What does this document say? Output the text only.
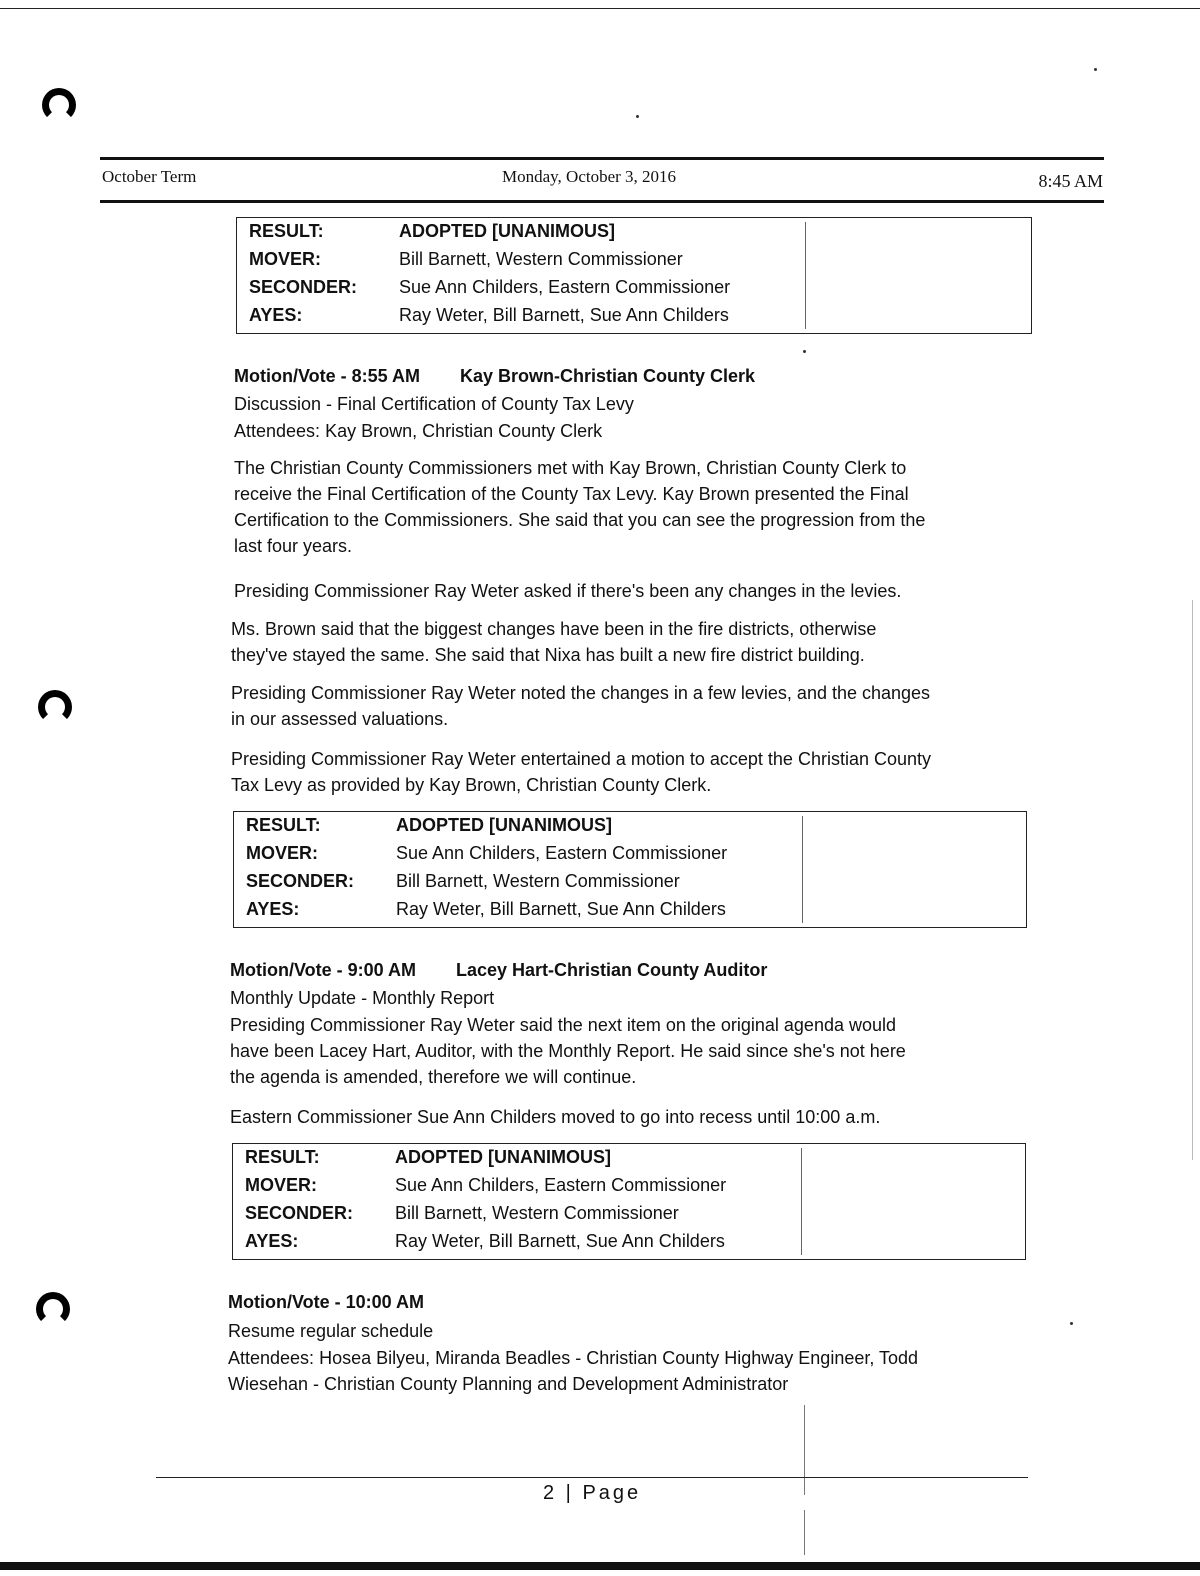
October Term	Monday, October 3, 2016	8:45 AM
RESULT:	ADOPTED [UNANIMOUS]
MOVER:	Bill Barnett, Western Commissioner
SECONDER: Sue Ann Childers, Eastern Commissioner
AYES:	Ray Weter, Bill Barnett, Sue Ann Childers
Motion/Vote - 8:55 AM Kay Brown-Christian County Clerk
Discussion - Final Certification of County Tax Levy
Attendees: Kay Brown, Christian County Clerk
The Christian County Commissioners met with Kay Brown, Christian County Clerk to
receive the Final Certification of the County Tax Levy. Kay Brown presented the Final
Certification to the Commissioners. She said that you can see the progression from the
last four years.
Presiding Commissioner Ray Weter asked if there's been any changes in the levies.
Ms. Brown said that the biggest changes have been in the fire districts, otherwise
they've stayed the same. She said that Nixa has built a new fire district building.
Presiding Commissioner Ray Weter noted the changes in a few levies, and the changes
in our assessed valuations.
Presiding Commissioner Ray Weter entertained a motion to accept the Christian County
Tax Levy as provided by Kay Brown, Christian County Clerk.
RESULT:	ADOPTED [UNANIMOUS]
MOVER:	Sue Ann Childers, Eastern Commissioner
SECONDER: Bill Barnett, Western Commissioner
AYES:	Ray Weter, Bill Barnett, Sue Ann Childers
Motion/Vote - 9:00 AM Lacey Hart-Christian County Auditor
Monthly Update - Monthly Report
Presiding Commissioner Ray Weter said the next item on the original agenda would
have been Lacey Hart, Auditor, with the Monthly Report. He said since she's not here
the agenda is amended, therefore we will continue.
Eastern Commissioner Sue Ann Childers moved to go into recess until 10:00 a.m.
RESULT:	ADOPTED [UNANIMOUS]
MOVER:	Sue Ann Childers, Eastern Commissioner
SECONDER: Bill Barnett, Western Commissioner
AYES:	Ray Weter, Bill Barnett, Sue Ann Childers
Motion/Vote - 10:00 AM
Resume regular schedule
Attendees: Hosea Bilyeu, Miranda Beadles - Christian County Highway Engineer, Todd
Wiesehan - Christian County Planning and Development Administrator
2 | Page
